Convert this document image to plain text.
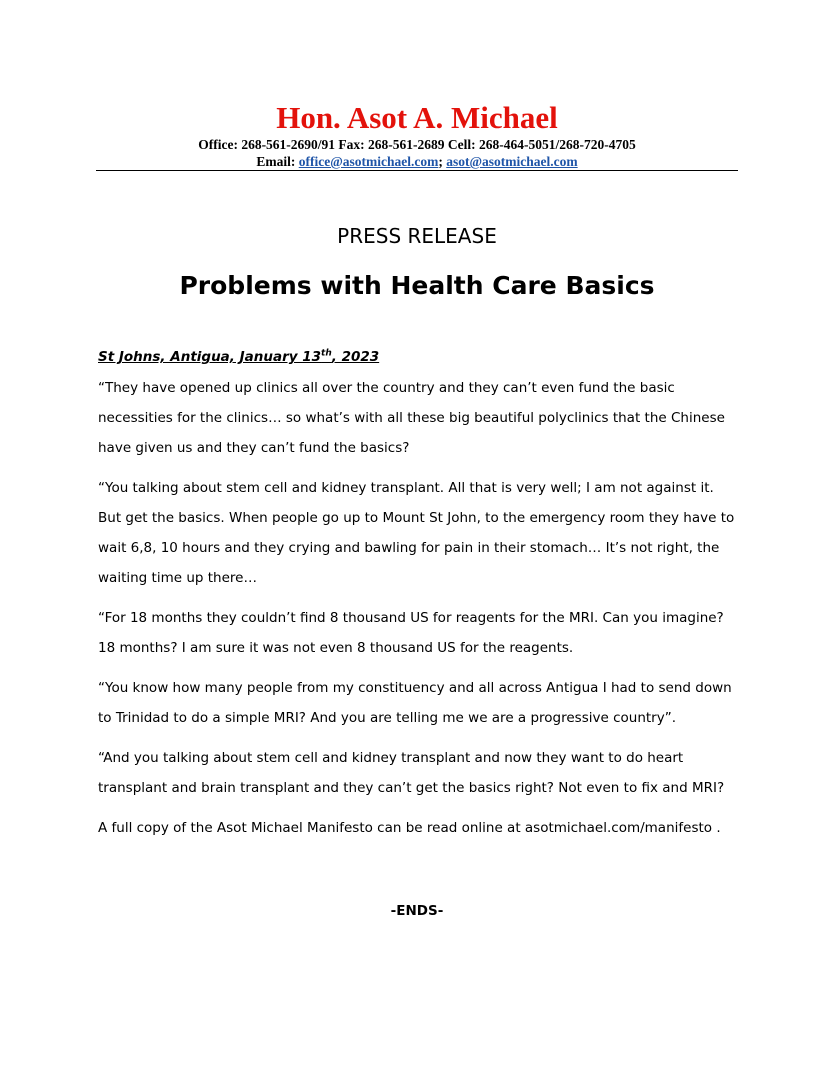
Hon. Asot A. Michael
Office: 268-561-2690/91 Fax: 268-561-2689 Cell: 268-464-5051/268-720-4705
Email: office@asotmichael.com; asot@asotmichael.com
PRESS RELEASE
Problems with Health Care Basics

St Johns, Antigua, January 13th, 2023

“They have opened up clinics all over the country and they can’t even fund the basic necessities for the clinics… so what’s with all these big beautiful polyclinics that the Chinese have given us and they can’t fund the basics?

“You talking about stem cell and kidney transplant. All that is very well; I am not against it. But get the basics. When people go up to Mount St John, to the emergency room they have to wait 6,8, 10 hours and they crying and bawling for pain in their stomach… It’s not right, the waiting time up there…

“For 18 months they couldn’t find 8 thousand US for reagents for the MRI. Can you imagine? 18 months? I am sure it was not even 8 thousand US for the reagents.

“You know how many people from my constituency and all across Antigua I had to send down to Trinidad to do a simple MRI? And you are telling me we are a progressive country”.

“And you talking about stem cell and kidney transplant and now they want to do heart transplant and brain transplant and they can’t get the basics right? Not even to fix and MRI?

A full copy of the Asot Michael Manifesto can be read online at asotmichael.com/manifesto .

-ENDS-
